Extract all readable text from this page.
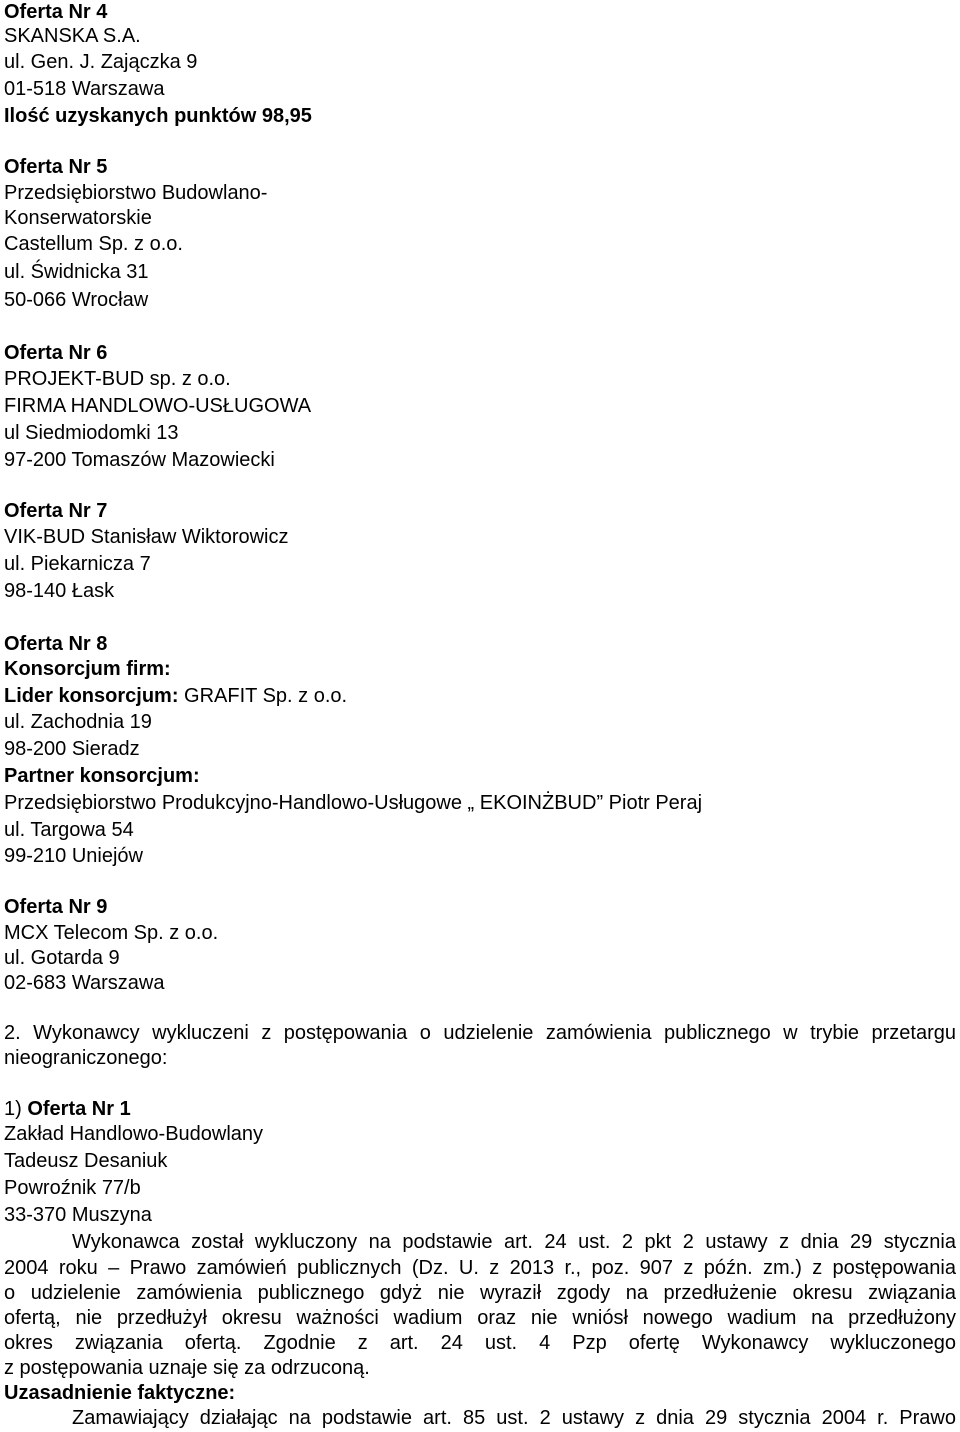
Oferta Nr 4
SKANSKA S.A.
ul. Gen. J. Zajączka 9
01-518 Warszawa
Ilość uzyskanych punktów 98,95
Oferta Nr 5
Przedsiębiorstwo Budowlano-
Konserwatorskie
Castellum Sp. z o.o.
ul. Świdnicka 31
50-066 Wrocław
Oferta Nr 6
PROJEKT-BUD sp. z o.o.
FIRMA HANDLOWO-USŁUGOWA
ul Siedmiodomki 13
97-200 Tomaszów Mazowiecki
Oferta Nr 7
VIK-BUD Stanisław Wiktorowicz
ul. Piekarnicza 7
98-140 Łask
Oferta Nr 8
Konsorcjum firm:
Lider konsorcjum: GRAFIT Sp. z o.o.
ul. Zachodnia 19
98-200 Sieradz
Partner konsorcjum:
Przedsiębiorstwo Produkcyjno-Handlowo-Usługowe „ EKOINŻBUD” Piotr Peraj
ul. Targowa 54
99-210 Uniejów
Oferta Nr 9
MCX Telecom Sp. z o.o.
ul. Gotarda 9
02-683 Warszawa
2. Wykonawcy wykluczeni z postępowania o udzielenie zamówienia publicznego w trybie przetargu
nieograniczonego:
1) Oferta Nr 1
Zakład Handlowo-Budowlany
Tadeusz Desaniuk
Powroźnik 77/b
33-370 Muszyna
Wykonawca został wykluczony na podstawie art. 24 ust. 2 pkt 2 ustawy z dnia 29 stycznia
2004 roku – Prawo zamówień publicznych (Dz. U. z 2013 r., poz. 907 z późn. zm.) z postępowania
o udzielenie zamówienia publicznego gdyż nie wyraził zgody na przedłużenie okresu związania
ofertą, nie przedłużył okresu ważności wadium oraz nie wniósł nowego wadium na przedłużony
okres związania ofertą. Zgodnie z art. 24 ust. 4 Pzp ofertę Wykonawcy wykluczonego
z postępowania uznaje się za odrzuconą.
Uzasadnienie faktyczne:
Zamawiający działając na podstawie art. 85 ust. 2 ustawy z dnia 29 stycznia 2004 r. Prawo
